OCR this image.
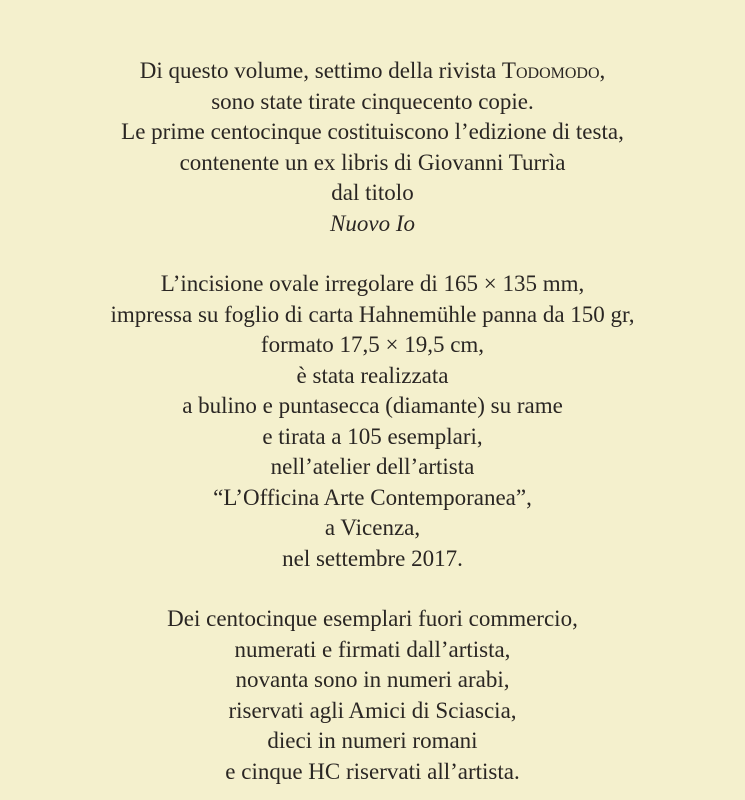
Di questo volume, settimo della rivista Todomodo,
sono state tirate cinquecento copie.
Le prime centocinque costituiscono l’edizione di testa,
contenente un ex libris di Giovanni Turrìa
dal titolo
Nuovo Io
L’incisione ovale irregolare di 165 × 135 mm,
impressa su foglio di carta Hahnemühle panna da 150 gr,
formato 17,5 × 19,5 cm,
è stata realizzata
a bulino e puntasecca (diamante) su rame
e tirata a 105 esemplari,
nell’atelier dell’artista
“L’Officina Arte Contemporanea”,
a Vicenza,
nel settembre 2017.
Dei centocinque esemplari fuori commercio,
numerati e firmati dall’artista,
novanta sono in numeri arabi,
riservati agli Amici di Sciascia,
dieci in numeri romani
e cinque HC riservati all’artista.
